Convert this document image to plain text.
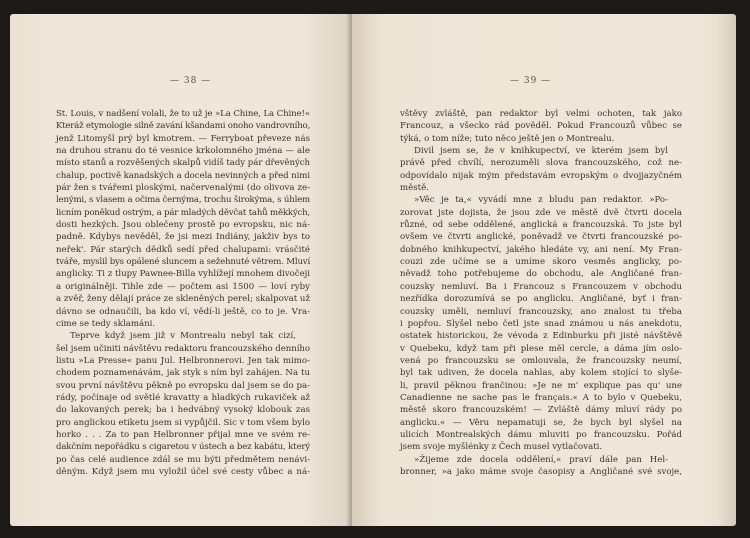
— 38 —
St. Louis, v nadšení volali, že to už je »La Chine, La Chine!«
Kteráž etymologie silně zavání kšandami onoho vandrovního,
jenž Litomyšl prý byl kmotrem. — Ferryboat převeze nás
na druhou stranu do té vesnice krkolomného jména — ale
místo stanů a rozvěšených skalpů vidíš tady pár dřevěných
chalup, poctivě kanadských a docela nevinných a před nimi
pár žen s tvářemi ploskými, načervenalými (do olivova ze-
lenými, s vlasem a očima černýma, trochu širokýma, s úhlem
licním poněkud ostrým, a pár mladých děvčat tahů měkkých,
dosti hezkých. Jsou oblečeny prostě po evropsku, nic ná-
padně. Kdybys nevěděl, že jsi mezi Indiány, jakživ bys to
neřek'. Pár starých dědků sedí před chalupami: vrásčité
tváře, myslil bys opálené sluncem a sežehnuté větrem. Mluví
anglicky. Ti z tlupy Pawnee-Billa vyhlížejí mnohem divočeji
a originálněji. Tihle zde — počtem asi 1500 — loví ryby
a zvěř, ženy dělají práce ze skleněných perel; skalpovat už
dávno se odnaučili, ba kdo ví, vědí-li ještě, co to je. Vra-
cime se tedy sklamáni.
Teprve když jsem již v Montrealu nebyl tak cizí,
šel jsem učiniti návštěvu redaktoru francouzského denního
listu »La Presse« panu Jul. Helbronnerovi. Jen tak mimo-
chodem poznamenávám, jak styk s ním byl zahájen. Na tu
svou první návštěvu pěkně po evropsku dal jsem se do pa-
rády, počínaje od světlé kravatty a hladkých rukaviček až
do lakovaných perek; ba i hedvábný vysoký klobouk zas
pro anglickou etiketu jsem si vypůjčil. Sic v tom všem bylo
horko . . . Za to pan Helbronner přijal mne ve svém re-
dakčním nepořádku s cigaretou v ústech a bez kabátu, který
po čas celé audience zdál se mu býti předmětem nenávi-
děným. Když jsem mu vyložil účel své cesty vůbec a ná-
— 39 —
vštěvy zvláště, pan redaktor byl velmi ochoten, tak jako
Francouz, a všecko rád pověděl. Pokud Francouzů vůbec se
týká, o tom níže; tuto něco ještě jen o Montrealu.
Divil jsem se, že v knihkupectví, ve kterém jsem byl
právě před chvílí, nerozuměli slova francouzského, což ne-
odpovídalo nijak mým představám evropským o dvojjazyčném
městě.
»Věc je ta,« vyvádí mne z bludu pan redaktor. »Po-
zorovat jste dojista, že jsou zde ve městě dvě čtvrti docela
různé, od sebe oddělené, anglická a francouzská. To jste byl
ovšem ve čtvrti anglické, poněvadž ve čtvrti francouzské po-
dobného knihkupectví, jakého hledáte vy, ani není. My Fran-
couzi zde učíme se a umíme skoro vesměs anglicky, po-
něvadž toho potřebujeme do obchodu, ale Angličané fran-
couzsky nemluví. Ba i Francouz s Francouzem v obchodu
nezřídka dorozumívá se po anglicku. Angličané, byť i fran-
couzsky uměli, nemluví francouzsky, ano znalost tu třeba
i popřou. Slyšel nebo četl jste snad známou u nás anekdotu,
ostatek historickou, že vévoda z Edinburku při jisté návštěvě
v Quebeku, když tam při plese měl cercle, a dáma jím oslo-
vená po francouzsku se omlouvala, že francouzsky neumí,
byl tak udiven, že docela nahlas, aby kolem stojící to slyše-
li, pravil pěknou frančinou: »Je ne m' explique pas qu' une
Canadienne ne sache pas le français.« A to bylo v Quebeku,
městě skoro francouzském! — Zvláště dámy mluví rády po
anglicku.« — Věru nepamatuji se, že bych byl slyšel na
ulicích Montrealských dámu mluviti po francouzsku. Pořád
jsem svoje myšlénky z Čech musel vytlačovati.
»Žijeme zde docela oddělení,« praví dále pan Hel-
bronner, »a jako máme svoje časopisy a Angličané své svoje,
